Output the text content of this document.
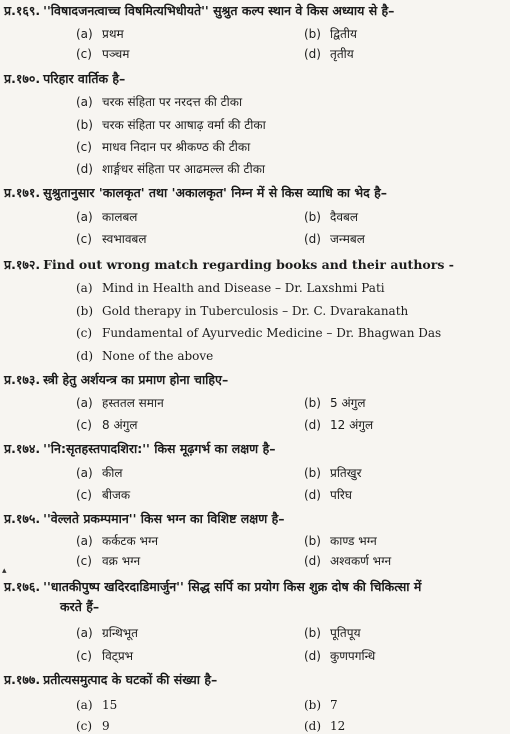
प्र.१६९. ''विषादजनत्वाच्च विषमित्यभिधीयते'' सुश्रुत कल्प स्थान वे किस अध्याय से है–
(a) प्रथम	(b) द्वितीय
(c) पञ्चम	(d) तृतीय
प्र.१७०. परिहार वार्तिक है–
(a) चरक संहिता पर नरदत्त की टीका
(b) चरक संहिता पर आषाढ़ वर्मा की टीका
(c) माधव निदान पर श्रीकण्ठ की टीका
(d) शार्ङ्गधर संहिता पर आढमल्ल की टीका
प्र.१७१. सुश्रुतानुसार 'कालकृत' तथा 'अकालकृत' निम्न में से किस व्याधि का भेद है–
(a) कालबल	(b) दैवबल
(c) स्वभावबल	(d) जन्मबल
प्र.१७२. Find out wrong match regarding books and their authors -
(a) Mind in Health and Disease – Dr. Laxshmi Pati
(b) Gold therapy in Tuberculosis – Dr. C. Dvarakanath
(c) Fundamental of Ayurvedic Medicine – Dr. Bhagwan Das
(d) None of the above
प्र.१७३. स्त्री हेतु अर्शयन्त्र का प्रमाण होना चाहिए–
(a) हस्ततल समान	(b) 5 अंगुल
(c) 8 अंगुल	(d) 12 अंगुल
प्र.१७४. ''नि:सृतहस्तपादशिरा:'' किस मूढ़गर्भ का लक्षण है–
(a) कील	(b) प्रतिखुर
(c) बीजक	(d) परिघ
प्र.१७५. ''वेल्लते प्रकम्पमान'' किस भग्न का विशिष्ट लक्षण है–
(a) कर्कटक भग्न	(b) काण्ड भग्न
(c) वक्र भग्न	(d) अश्वकर्ण भग्न
▴
प्र.१७६. ''धातकीपुष्प खदिरदाडिमार्जुन'' सिद्ध सर्पि का प्रयोग किस शुक्र दोष की चिकित्सा में
करते हैं–
(a) ग्रन्थिभूत	(b) पूतिपूय
(c) विट्प्रभ	(d) कुणपगन्धि
प्र.१७७. प्रतीत्यसमुत्पाद के घटकों की संख्या है–
(a) 15	(b) 7
(c) 9	(d) 12
